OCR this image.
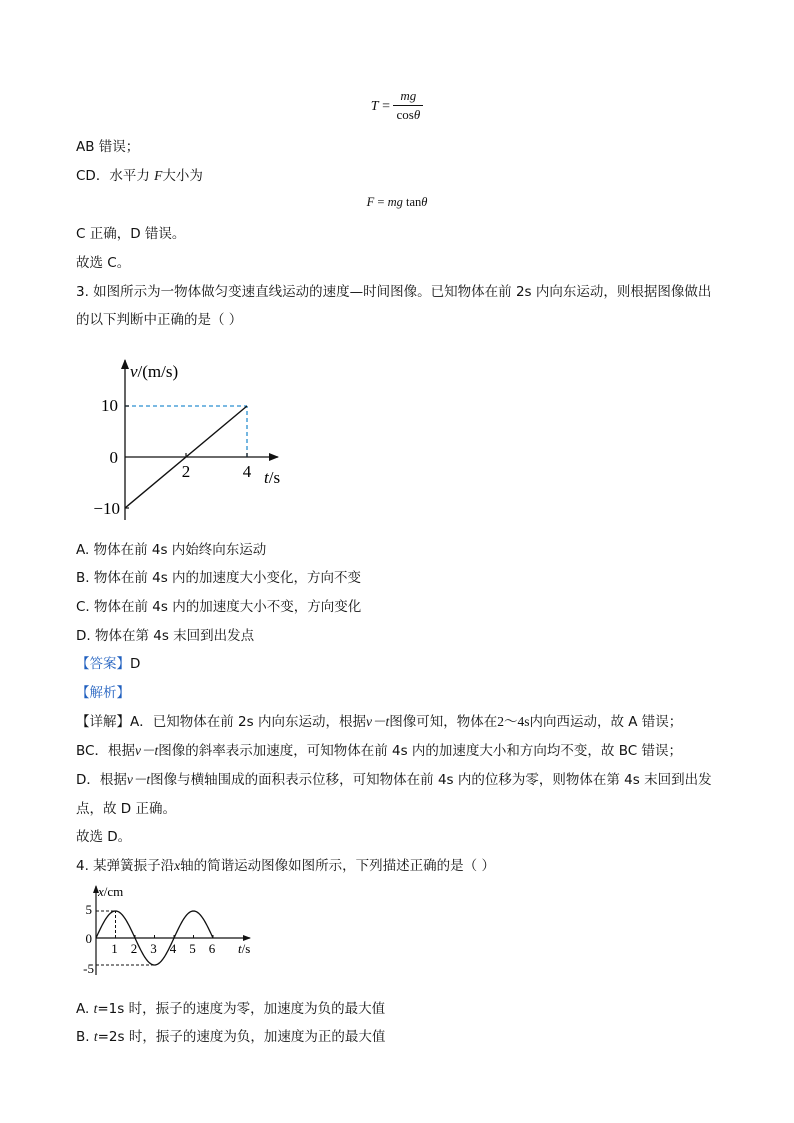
$T = \frac{mg}{\cos\theta}$
AB 错误；
CD．水平力 F大小为
F = mg tanθ
C 正确，D 错误。
故选 C。
3. 如图所示为一物体做匀变速直线运动的速度—时间图像。已知物体在前 2s 内向东运动，则根据图像做出
的以下判断中正确的是（ ）
v/(m/s)
t/s
10
0
−10
2	4
A. 物体在前 4s 内始终向东运动
B. 物体在前 4s 内的加速度大小变化，方向不变
C. 物体在前 4s 内的加速度大小不变，方向变化
D. 物体在第 4s 末回到出发点
【答案】D
【解析】
【详解】A．已知物体在前 2s 内向东运动，根据v－t图像可知，物体在2～4s内向西运动，故 A 错误；
BC．根据v－t图像的斜率表示加速度，可知物体在前 4s 内的加速度大小和方向均不变，故 BC 错误；
D．根据v－t图像与横轴围成的面积表示位移，可知物体在前 4s 内的位移为零，则物体在第 4s 末回到出发
点，故 D 正确。
故选 D。
4. 某弹簧振子沿x轴的简谐运动图像如图所示，下列描述正确的是（ ）
x/cm
t/s
5
0
-5
1 2 3 4 5 6
A. t=1s 时，振子的速度为零，加速度为负的最大值
B. t=2s 时，振子的速度为负，加速度为正的最大值
